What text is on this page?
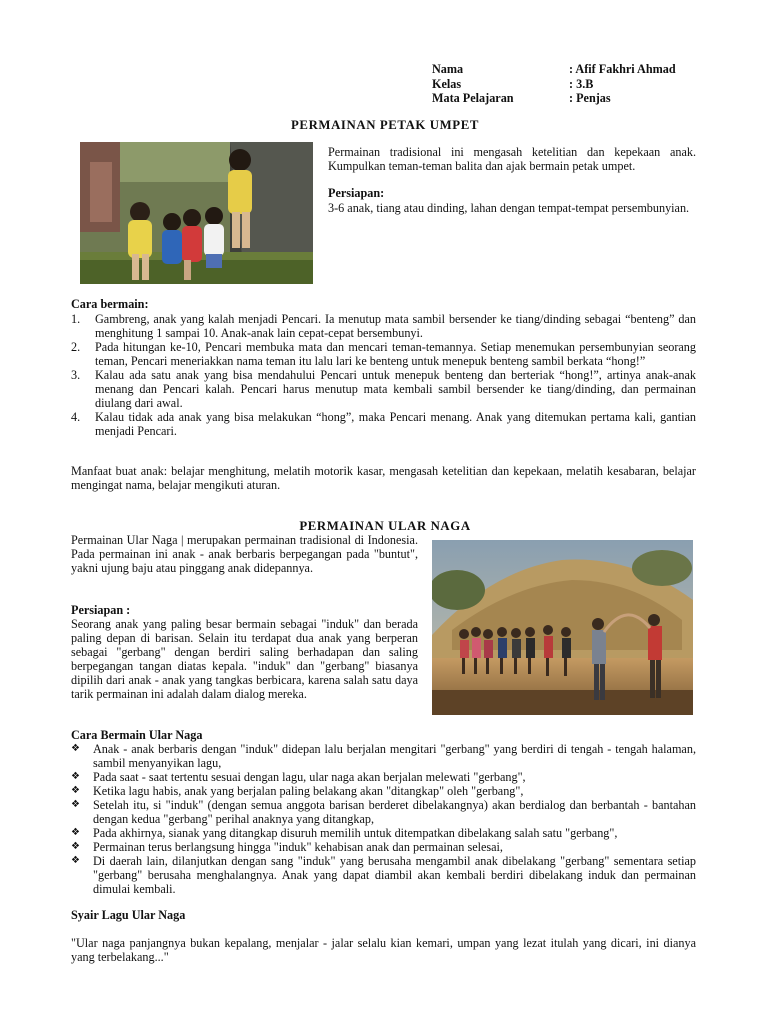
Nama	: Afif Fakhri Ahmad
Kelas	: 3.B
Mata Pelajaran	: Penjas
PERMAINAN PETAK UMPET
Permainan tradisional ini mengasah ketelitian dan kepekaan anak. Kumpulkan teman-teman balita dan ajak bermain petak umpet.
Persiapan:
3-6 anak, tiang atau dinding, lahan dengan tempat-tempat persembunyian.
Cara bermain:
1.	Gambreng, anak yang kalah menjadi Pencari. Ia menutup mata sambil bersender ke tiang/dinding sebagai “benteng” dan menghitung 1 sampai 10. Anak-anak lain cepat-cepat bersembunyi.
2.	Pada hitungan ke-10, Pencari membuka mata dan mencari teman-temannya. Setiap menemukan persembunyian seorang teman, Pencari meneriakkan nama teman itu lalu lari ke benteng untuk menepuk benteng sambil berkata “hong!”
3.	Kalau ada satu anak yang bisa mendahului Pencari untuk menepuk benteng dan berteriak “hong!”, artinya anak-anak menang dan Pencari kalah. Pencari harus menutup mata kembali sambil bersender ke tiang/dinding, dan permainan diulang dari awal.
4.	Kalau tidak ada anak yang bisa melakukan “hong”, maka Pencari menang. Anak yang ditemukan pertama kali, gantian menjadi Pencari.
Manfaat buat anak: belajar menghitung, melatih motorik kasar, mengasah ketelitian dan kepekaan, melatih kesabaran, belajar mengingat nama, belajar mengikuti aturan.
PERMAINAN ULAR NAGA
Permainan Ular Naga | merupakan permainan tradisional di Indonesia. Pada permainan ini anak - anak berbaris berpegangan pada "buntut", yakni ujung baju atau pinggang anak didepannya.
Persiapan :
Seorang anak yang paling besar bermain sebagai "induk" dan berada paling depan di barisan. Selain itu terdapat dua anak yang berperan sebagai "gerbang" dengan berdiri saling berhadapan dan saling berpegangan tangan diatas kepala. "induk" dan "gerbang" biasanya dipilih dari anak - anak yang tangkas berbicara, karena salah satu daya tarik permainan ini adalah dalam dialog mereka.
Cara Bermain Ular Naga
❖	Anak - anak berbaris dengan "induk" didepan lalu berjalan mengitari "gerbang" yang berdiri di tengah - tengah halaman, sambil menyanyikan lagu,
❖	Pada saat - saat tertentu sesuai dengan lagu, ular naga akan berjalan melewati "gerbang",
❖	Ketika lagu habis, anak yang berjalan paling belakang akan "ditangkap" oleh "gerbang",
❖	Setelah itu, si "induk" (dengan semua anggota barisan berderet dibelakangnya) akan berdialog dan berbantah - bantahan dengan kedua "gerbang" perihal anaknya yang ditangkap,
❖	Pada akhirnya, sianak yang ditangkap disuruh memilih untuk ditempatkan dibelakang salah satu "gerbang",
❖	Permainan terus berlangsung hingga "induk" kehabisan anak dan permainan selesai,
❖	Di daerah lain, dilanjutkan dengan sang "induk" yang berusaha mengambil anak dibelakang "gerbang" sementara setiap "gerbang" berusaha menghalangnya. Anak yang dapat diambil akan kembali berdiri dibelakang induk dan permainan dimulai kembali.
Syair Lagu Ular Naga
"Ular naga panjangnya bukan kepalang, menjalar - jalar selalu kian kemari, umpan yang lezat itulah yang dicari, ini dianya yang terbelakang..."
